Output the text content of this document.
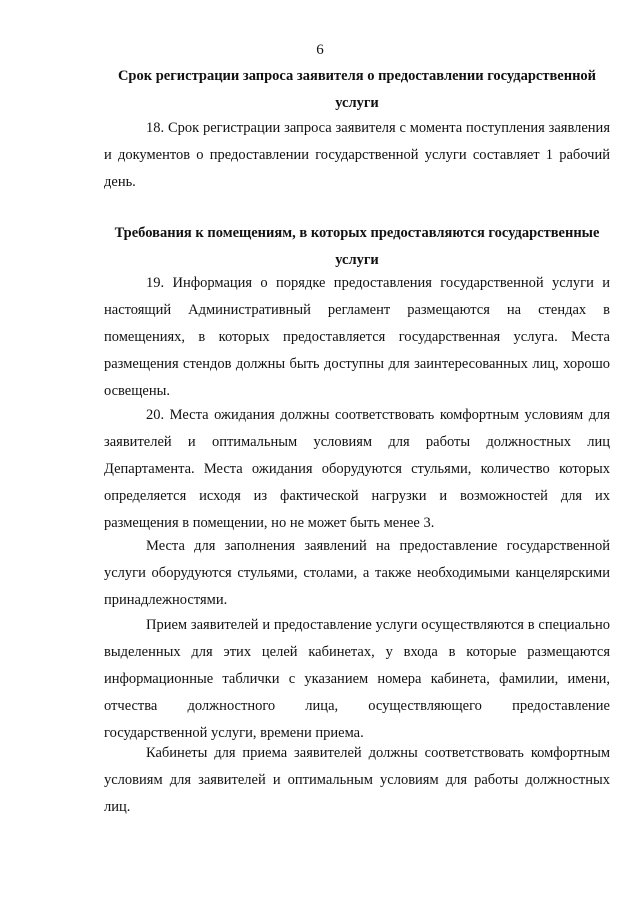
6
Срок регистрации запроса заявителя о предоставлении государственной услуги
18. Срок регистрации запроса заявителя с момента поступления заявления и документов о предоставлении государственной услуги составляет 1 рабочий день.
Требования к помещениям, в которых предоставляются государственные услуги
19. Информация о порядке предоставления государственной услуги и настоящий Административный регламент размещаются на стендах в помещениях, в которых предоставляется государственная услуга. Места размещения стендов должны быть доступны для заинтересованных лиц, хорошо освещены.
20. Места ожидания должны соответствовать комфортным условиям для заявителей и оптимальным условиям для работы должностных лиц Департамента. Места ожидания оборудуются стульями, количество которых определяется исходя из фактической нагрузки и возможностей для их размещения в помещении, но не может быть менее 3.
Места для заполнения заявлений на предоставление государственной услуги оборудуются стульями, столами, а также необходимыми канцелярскими принадлежностями.
Прием заявителей и предоставление услуги осуществляются в специально выделенных для этих целей кабинетах, у входа в которые размещаются информационные таблички с указанием номера кабинета, фамилии, имени, отчества должностного лица, осуществляющего предоставление государственной услуги, времени приема.
Кабинеты для приема заявителей должны соответствовать комфортным условиям для заявителей и оптимальным условиям для работы должностных лиц.
